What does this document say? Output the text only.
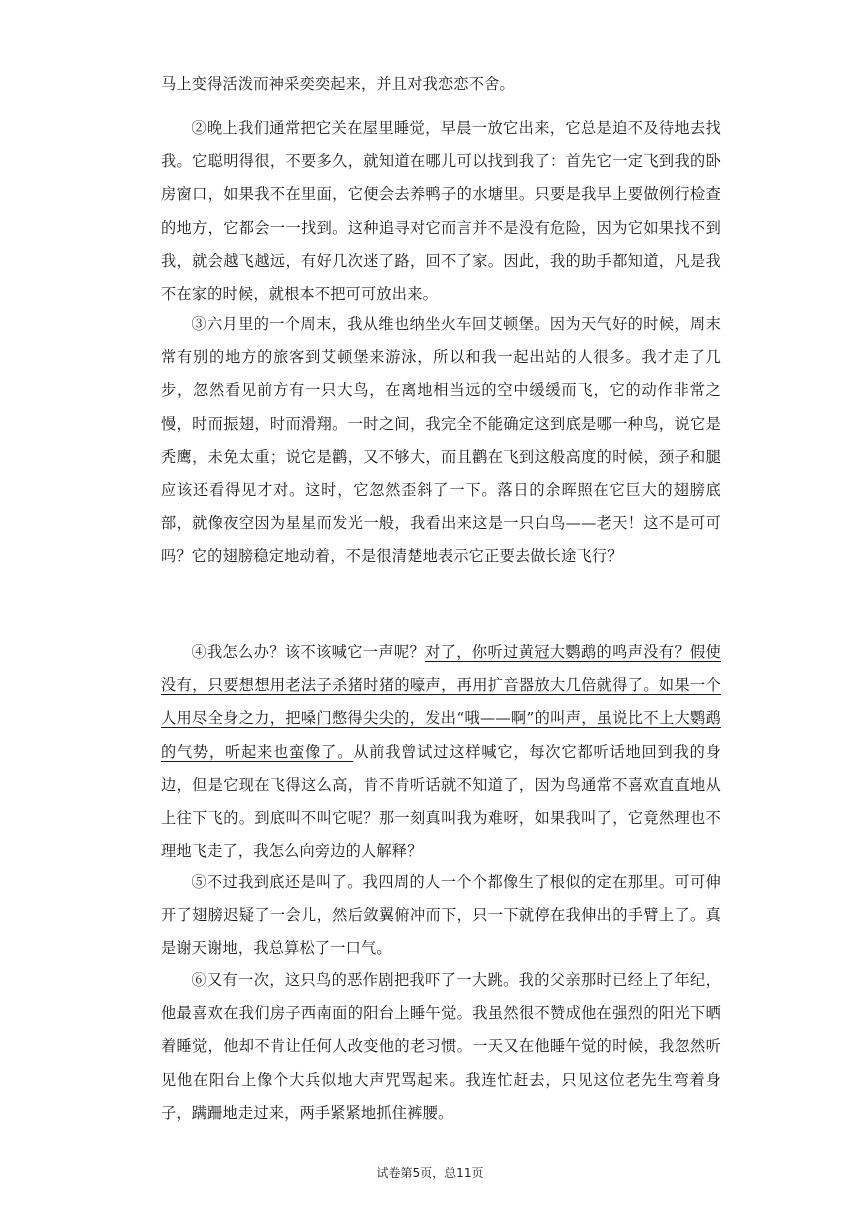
马上变得活泼而神采奕奕起来，并且对我恋恋不舍。

②晚上我们通常把它关在屋里睡觉，早晨一放它出来，它总是迫不及待地去找我。它聪明得很，不要多久，就知道在哪儿可以找到我了：首先它一定飞到我的卧房窗口，如果我不在里面，它便会去养鸭子的水塘里。只要是我早上要做例行检查的地方，它都会一一找到。这种追寻对它而言并不是没有危险，因为它如果找不到我，就会越飞越远，有好几次迷了路，回不了家。因此，我的助手都知道，凡是我不在家的时候，就根本不把可可放出来。

③六月里的一个周末，我从维也纳坐火车回艾顿堡。因为天气好的时候，周末常有别的地方的旅客到艾顿堡来游泳，所以和我一起出站的人很多。我才走了几步，忽然看见前方有一只大鸟，在离地相当远的空中缓缓而飞，它的动作非常之慢，时而振翅，时而滑翔。一时之间，我完全不能确定这到底是哪一种鸟，说它是秃鹰，未免太重；说它是鹳，又不够大，而且鹳在飞到这般高度的时候，颈子和腿应该还看得见才对。这时，它忽然歪斜了一下。落日的余晖照在它巨大的翅膀底部，就像夜空因为星星而发光一般，我看出来这是一只白鸟——老天！这不是可可吗？它的翅膀稳定地动着，不是很清楚地表示它正要去做长途飞行？

④我怎么办？该不该喊它一声呢？对了，你听过黄冠大鹦鹉的鸣声没有？假使没有，只要想想用老法子杀猪时猪的嚎声，再用扩音器放大几倍就得了。如果一个人用尽全身之力，把嗓门憋得尖尖的，发出“哦——啊”的叫声，虽说比不上大鹦鹉的气势，听起来也蛮像了。从前我曾试过这样喊它，每次它都听话地回到我的身边，但是它现在飞得这么高，肯不肯听话就不知道了，因为鸟通常不喜欢直直地从上往下飞的。到底叫不叫它呢？那一刻真叫我为难呀，如果我叫了，它竟然理也不理地飞走了，我怎么向旁边的人解释？

⑤不过我到底还是叫了。我四周的人一个个都像生了根似的定在那里。可可伸开了翅膀迟疑了一会儿，然后敛翼俯冲而下，只一下就停在我伸出的手臂上了。真是谢天谢地，我总算松了一口气。

⑥又有一次，这只鸟的恶作剧把我吓了一大跳。我的父亲那时已经上了年纪，他最喜欢在我们房子西南面的阳台上睡午觉。我虽然很不赞成他在强烈的阳光下晒着睡觉，他却不肯让任何人改变他的老习惯。一天又在他睡午觉的时候，我忽然听见他在阳台上像个大兵似地大声咒骂起来。我连忙赶去，只见这位老先生弯着身子，蹒跚地走过来，两手紧紧地抓住裤腰。

试卷第5页，总11页
